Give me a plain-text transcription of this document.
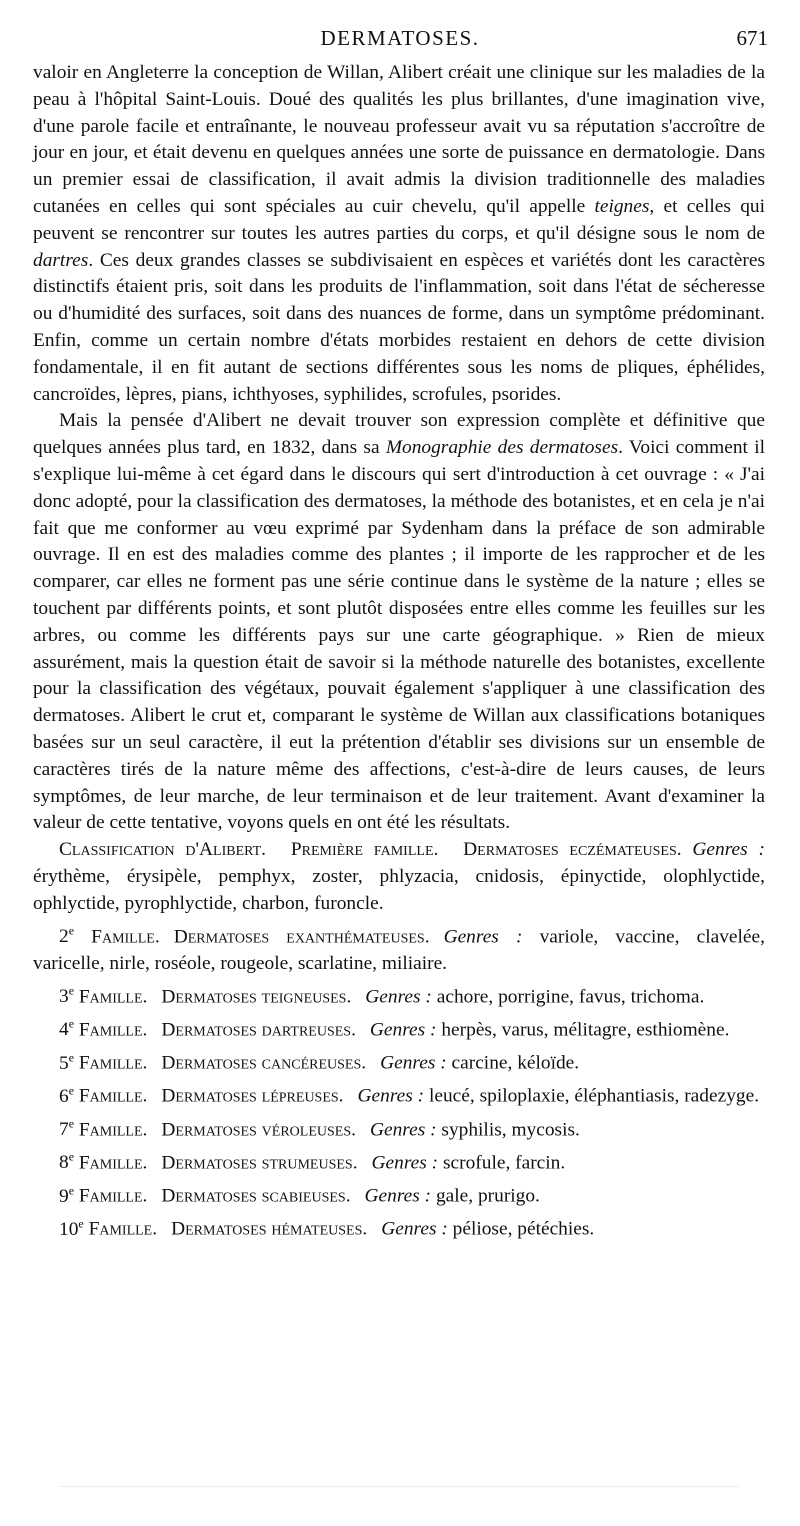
DERMATOSES.	671

valoir en Angleterre la conception de Willan, Alibert créait une clinique sur les maladies de la peau à l'hôpital Saint-Louis. Doué des qualités les plus brillantes, d'une imagination vive, d'une parole facile et entraînante, le nouveau professeur avait vu sa réputation s'accroître de jour en jour, et était devenu en quelques années une sorte de puissance en dermatologie. Dans un premier essai de classification, il avait admis la division traditionnelle des maladies cutanées en celles qui sont spéciales au cuir chevelu, qu'il appelle teignes, et celles qui peuvent se rencontrer sur toutes les autres parties du corps, et qu'il désigne sous le nom de dartres. Ces deux grandes classes se subdivisaient en espèces et variétés dont les caractères distinctifs étaient pris, soit dans les produits de l'inflammation, soit dans l'état de sécheresse ou d'humidité des surfaces, soit dans des nuances de forme, dans un symptôme prédominant. Enfin, comme un certain nombre d'états morbides restaient en dehors de cette division fondamentale, il en fit autant de sections différentes sous les noms de pliques, éphélides, cancroïdes, lèpres, pians, ichthyoses, syphilides, scrofules, psorides.

Mais la pensée d'Alibert ne devait trouver son expression complète et définitive que quelques années plus tard, en 1832, dans sa Monographie des dermatoses. Voici comment il s'explique lui-même à cet égard dans le discours qui sert d'introduction à cet ouvrage : « J'ai donc adopté, pour la classification des dermatoses, la méthode des botanistes, et en cela je n'ai fait que me conformer au vœu exprimé par Sydenham dans la préface de son admirable ouvrage. Il en est des maladies comme des plantes ; il importe de les rapprocher et de les comparer, car elles ne forment pas une série continue dans le système de la nature ; elles se touchent par différents points, et sont plutôt disposées entre elles comme les feuilles sur les arbres, ou comme les différents pays sur une carte géographique. » Rien de mieux assurément, mais la question était de savoir si la méthode naturelle des botanistes, excellente pour la classification des végétaux, pouvait également s'appliquer à une classification des dermatoses. Alibert le crut et, comparant le système de Willan aux classifications botaniques basées sur un seul caractère, il eut la prétention d'établir ses divisions sur un ensemble de caractères tirés de la nature même des affections, c'est-à-dire de leurs causes, de leurs symptômes, de leur marche, de leur terminaison et de leur traitement. Avant d'examiner la valeur de cette tentative, voyons quels en ont été les résultats.

Classification d'Alibert. Première famille. Dermatoses eczémateuses. Genres : érythème, érysipèle, pemphyx, zoster, phlyzacia, cnidosis, épinyctide, olophlyctide, ophlyctide, pyrophlyctide, charbon, furoncle.

2e Famille. Dermatoses exanthémateuses. Genres : variole, vaccine, clavelée, varicelle, nirle, roséole, rougeole, scarlatine, miliaire.

3e Famille. Dermatoses teigneuses. Genres : achore, porrigine, favus, trichoma.

4e Famille. Dermatoses dartreuses. Genres : herpès, varus, mélitagre, esthiomène.

5e Famille. Dermatoses cancéreuses. Genres : carcine, kéloïde.

6e Famille. Dermatoses lépreuses. Genres : leucé, spiloplaxie, éléphantiasis, radezyge.

7e Famille. Dermatoses véroleuses. Genres : syphilis, mycosis.

8e Famille. Dermatoses strumeuses. Genres : scrofule, farcin.

9e Famille. Dermatoses scabieuses. Genres : gale, prurigo.

10e Famille. Dermatoses hémateuses. Genres : péliose, pétéchies.
